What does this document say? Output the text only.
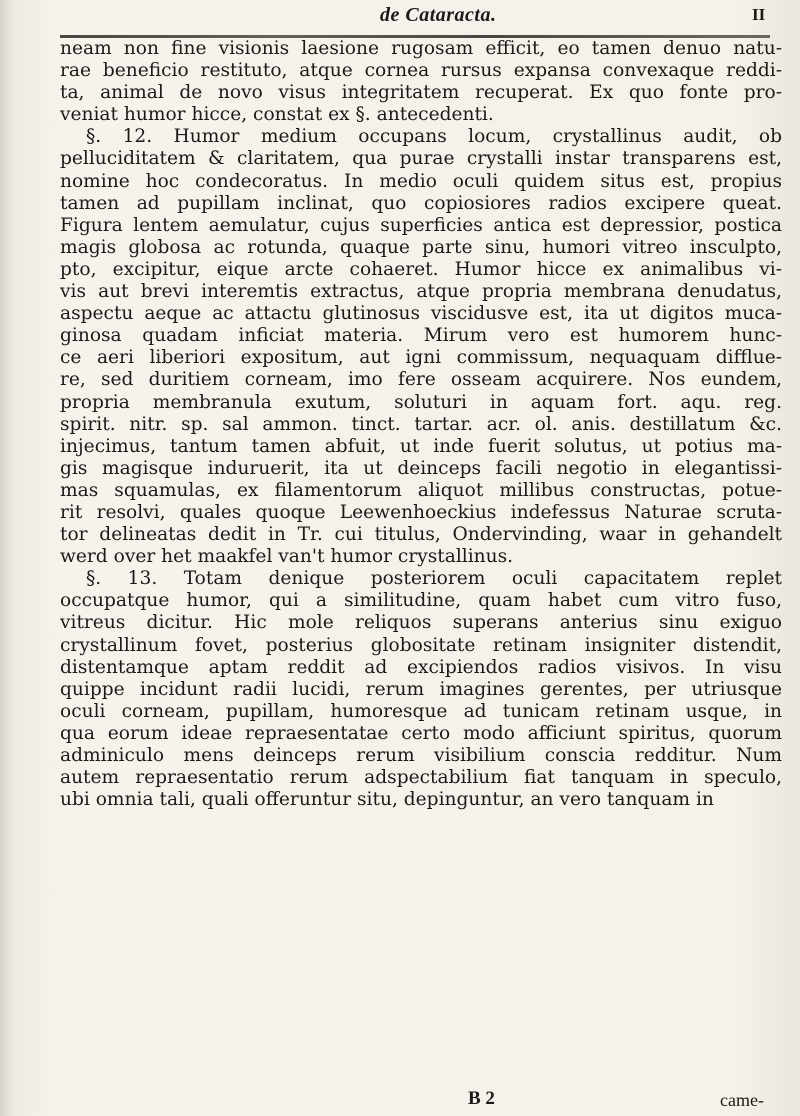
de Cataracta.	II
neam non fine visionis laesione rugosam efficit, eo tamen denuo natu-
rae beneficio restituto, atque cornea rursus expansa convexaque reddi-
ta, animal de novo visus integritatem recuperat. Ex quo fonte pro-
veniat humor hicce, constat ex §. antecedenti.
§. 12. Humor medium occupans locum, crystallinus audit, ob
pelluciditatem & claritatem, qua purae crystalli instar transparens est,
nomine hoc condecoratus. In medio oculi quidem situs est, propius
tamen ad pupillam inclinat, quo copiosiores radios excipere queat.
Figura lentem aemulatur, cujus superficies antica est depressior, postica
magis globosa ac rotunda, quaque parte sinu, humori vitreo insculpto,
pto, excipitur, eique arcte cohaeret. Humor hicce ex animalibus vi-
vis aut brevi interemtis extractus, atque propria membrana denudatus,
aspectu aeque ac attactu glutinosus viscidusve est, ita ut digitos muca-
ginosa quadam inficiat materia. Mirum vero est humorem hunc-
ce aeri liberiori expositum, aut igni commissum, nequaquam difflue-
re, sed duritiem corneam, imo fere osseam acquirere. Nos eundem,
propria membranula exutum, soluturi in aquam fort. aqu. reg.
spirit. nitr. sp. sal ammon. tinct. tartar. acr. ol. anis. destillatum &c.
injecimus, tantum tamen abfuit, ut inde fuerit solutus, ut potius ma-
gis magisque induruerit, ita ut deinceps facili negotio in elegantissi-
mas squamulas, ex filamentorum aliquot millibus constructas, potue-
rit resolvi, quales quoque Leewenhoeckius indefessus Naturae scruta-
tor delineatas dedit in Tr. cui titulus, Ondervinding, waar in gehandelt
werd over het maakfel van't humor crystallinus.
§. 13. Totam denique posteriorem oculi capacitatem replet
occupatque humor, qui a similitudine, quam habet cum vitro fuso,
vitreus dicitur. Hic mole reliquos superans anterius sinu exiguo
crystallinum fovet, posterius globositate retinam insigniter distendit,
distentamque aptam reddit ad excipiendos radios visivos. In visu
quippe incidunt radii lucidi, rerum imagines gerentes, per utriusque
oculi corneam, pupillam, humoresque ad tunicam retinam usque, in
qua eorum ideae repraesentatae certo modo afficiunt spiritus, quorum
adminiculo mens deinceps rerum visibilium conscia redditur. Num
autem repraesentatio rerum adspectabilium fiat tanquam in speculo,
ubi omnia tali, quali offeruntur situ, depinguntur, an vero tanquam in
B 2	came-
